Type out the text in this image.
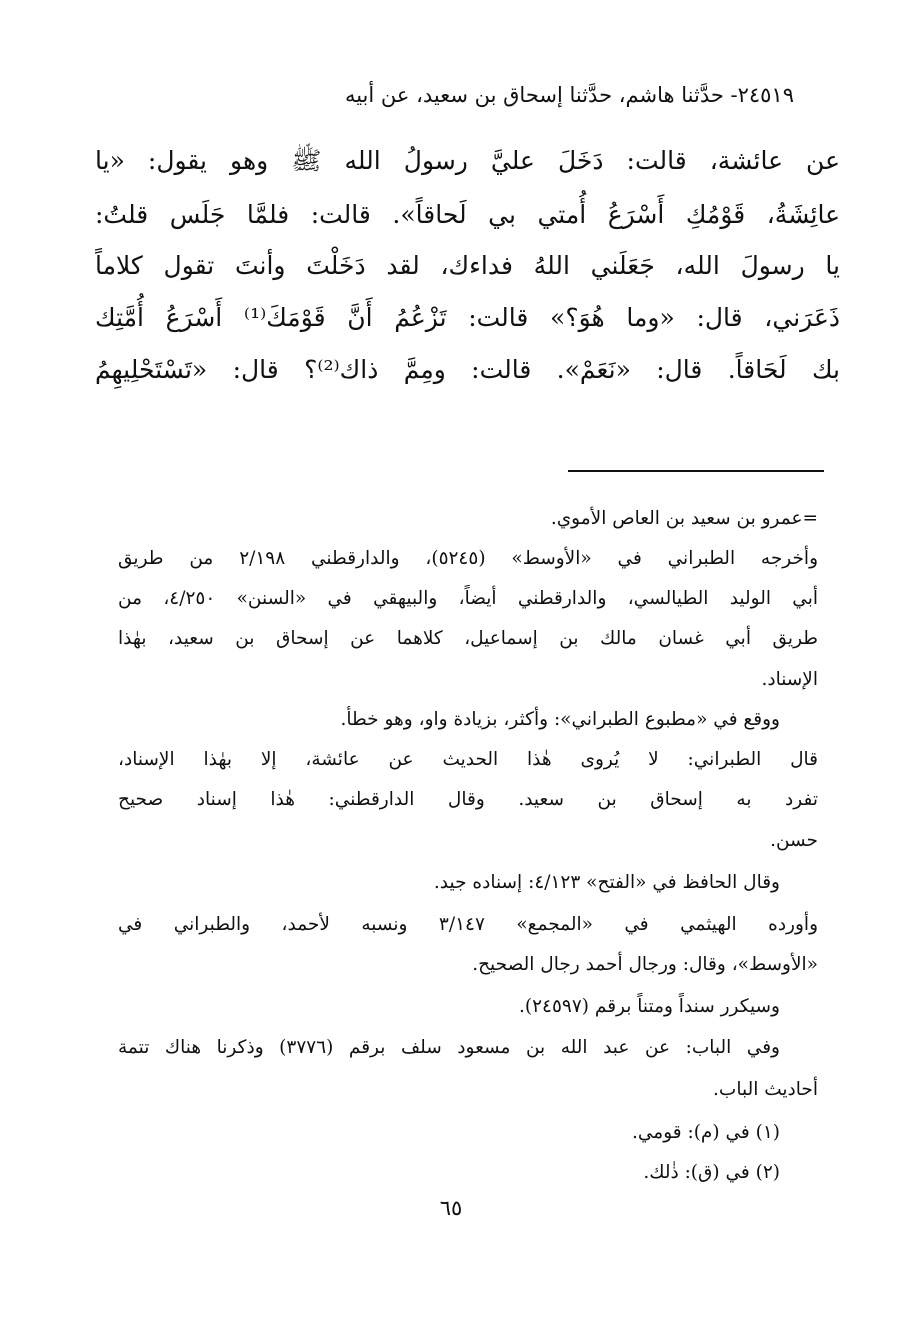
٢٤٥١٩- حدَّثنا هاشم، حدَّثنا إسحاق بن سعيد، عن أبيه
عن عائشة، قالت: دَخَلَ عليَّ رسولُ الله ﷺ وهو يقول: «يا
عائِشَةُ، قَوْمُكِ أَسْرَعُ أُمتي بي لَحاقاً». قالت: فلمَّا جَلَس قلتُ:
يا رسولَ الله، جَعَلَني اللهُ فداءك، لقد دَخَلْتَ وأنتَ تقول كلاماً
ذَعَرَني، قال: «وما هُوَ؟» قالت: تَزْعُمُ أَنَّ قَوْمَكَ⁽¹⁾ أَسْرَعُ أُمَّتِك
بك لَحَاقاً. قال: «نَعَمْ». قالت: ومِمَّ ذاك⁽²⁾؟ قال: «تَسْتَحْلِيهِمُ
=عمرو بن سعيد بن العاص الأموي.
وأخرجه الطبراني في «الأوسط» (٥٢٤٥)، والدارقطني ٢/١٩٨ من طريق
أبي الوليد الطيالسي، والدارقطني أيضاً، والبيهقي في «السنن» ٤/٢٥٠، من
طريق أبي غسان مالك بن إسماعيل، كلاهما عن إسحاق بن سعيد، بهٰذا
الإسناد.
ووقع في «مطبوع الطبراني»: وأكثر، بزيادة واو، وهو خطأ.
قال الطبراني: لا يُروى هٰذا الحديث عن عائشة، إلا بهٰذا الإسناد،
تفرد به إسحاق بن سعيد. وقال الدارقطني: هٰذا إسناد صحيح
حسن.
وقال الحافظ في «الفتح» ٤/١٢٣: إسناده جيد.
وأورده الهيثمي في «المجمع» ٣/١٤٧ ونسبه لأحمد، والطبراني في
«الأوسط»، وقال: ورجال أحمد رجال الصحيح.
وسيكرر سنداً ومتناً برقم (٢٤٥٩٧).
وفي الباب: عن عبد الله بن مسعود سلف برقم (٣٧٧٦) وذكرنا هناك تتمة
أحاديث الباب.
(١) في (م): قومي.
(٢) في (ق): ذٰلك.
٦٥
